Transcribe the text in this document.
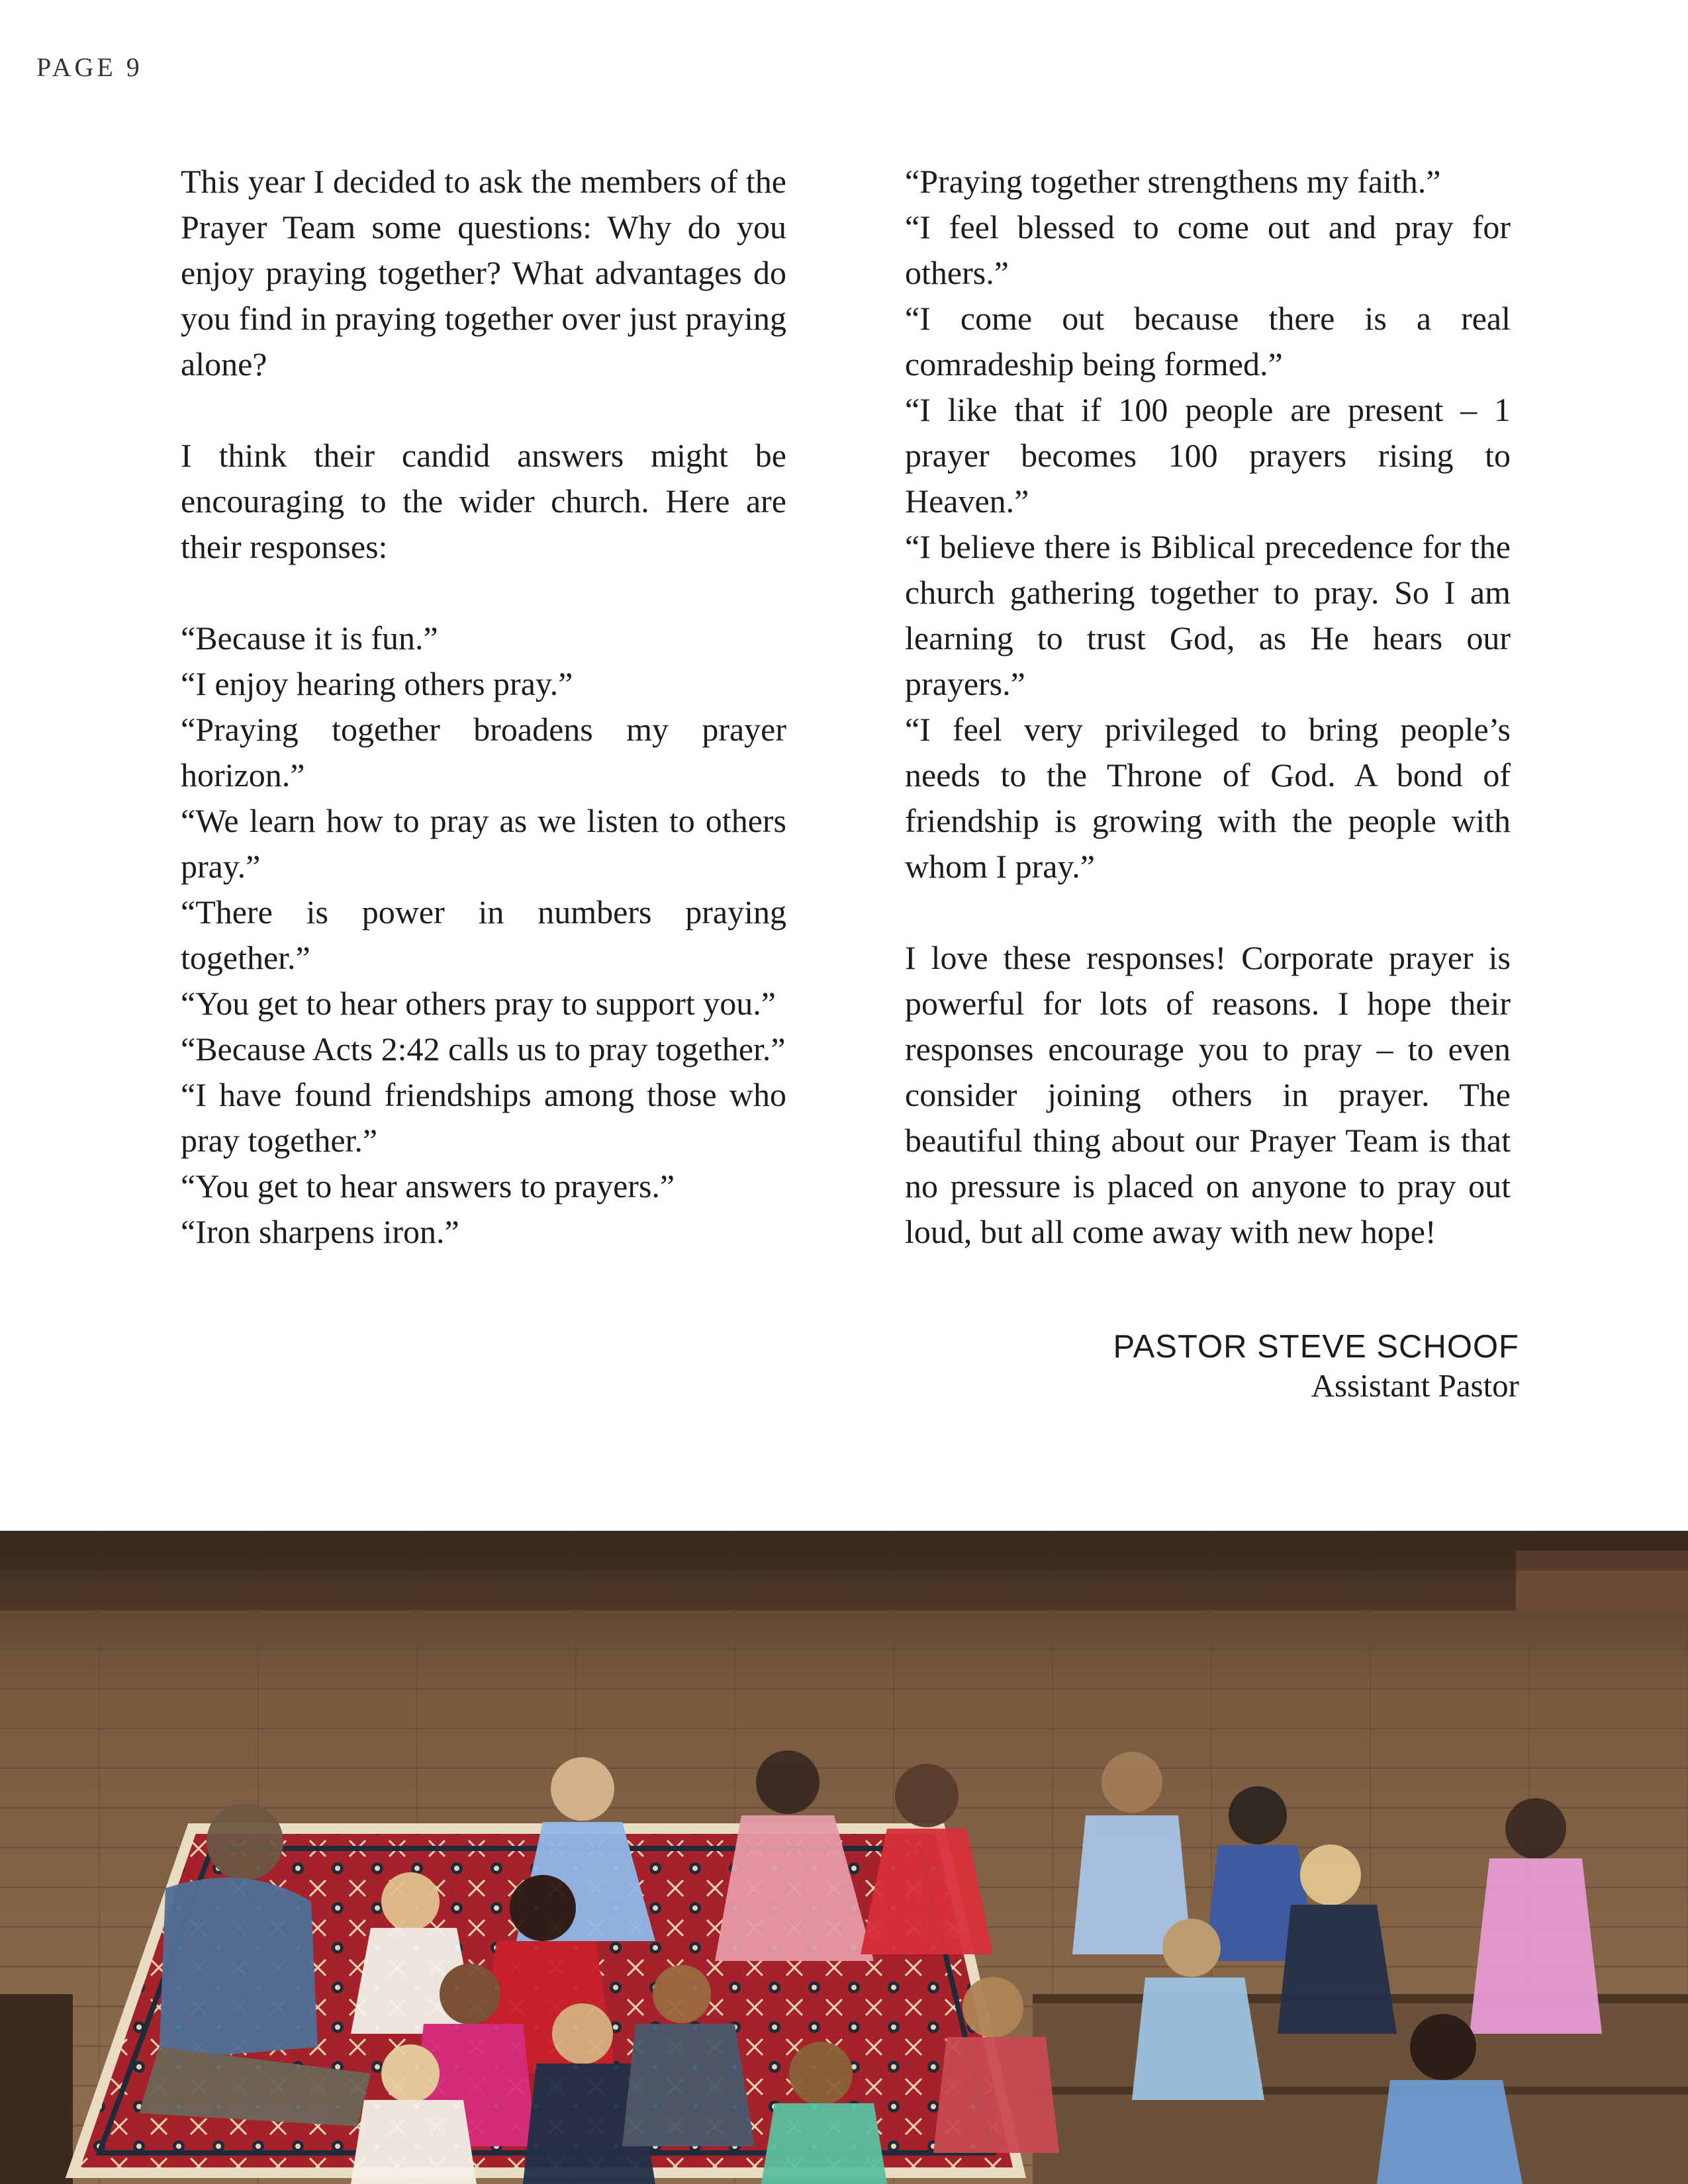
PAGE 9

This year I decided to ask the members of the Prayer Team some questions: Why do you enjoy praying together? What advantages do you find in praying together over just praying alone?

I think their candid answers might be encouraging to the wider church. Here are their responses:

“Because it is fun.”
“I enjoy hearing others pray.”
“Praying together broadens my prayer horizon.”
“We learn how to pray as we listen to others pray.”
“There is power in numbers praying together.”
“You get to hear others pray to support you.”
“Because Acts 2:42 calls us to pray together.”
“I have found friendships among those who pray together.”
“You get to hear answers to prayers.”
“Iron sharpens iron.”

“Praying together strengthens my faith.”
“I feel blessed to come out and pray for others.”
“I come out because there is a real comradeship being formed.”
“I like that if 100 people are present – 1 prayer becomes 100 prayers rising to Heaven.”
“I believe there is Biblical precedence for the church gathering together to pray. So I am learning to trust God, as He hears our prayers.”
“I feel very privileged to bring people’s needs to the Throne of God. A bond of friendship is growing with the people with whom I pray.”

I love these responses! Corporate prayer is powerful for lots of reasons. I hope their responses encourage you to pray – to even consider joining others in prayer. The beautiful thing about our Prayer Team is that no pressure is placed on anyone to pray out loud, but all come away with new hope!

PASTOR STEVE SCHOOF
Assistant Pastor
